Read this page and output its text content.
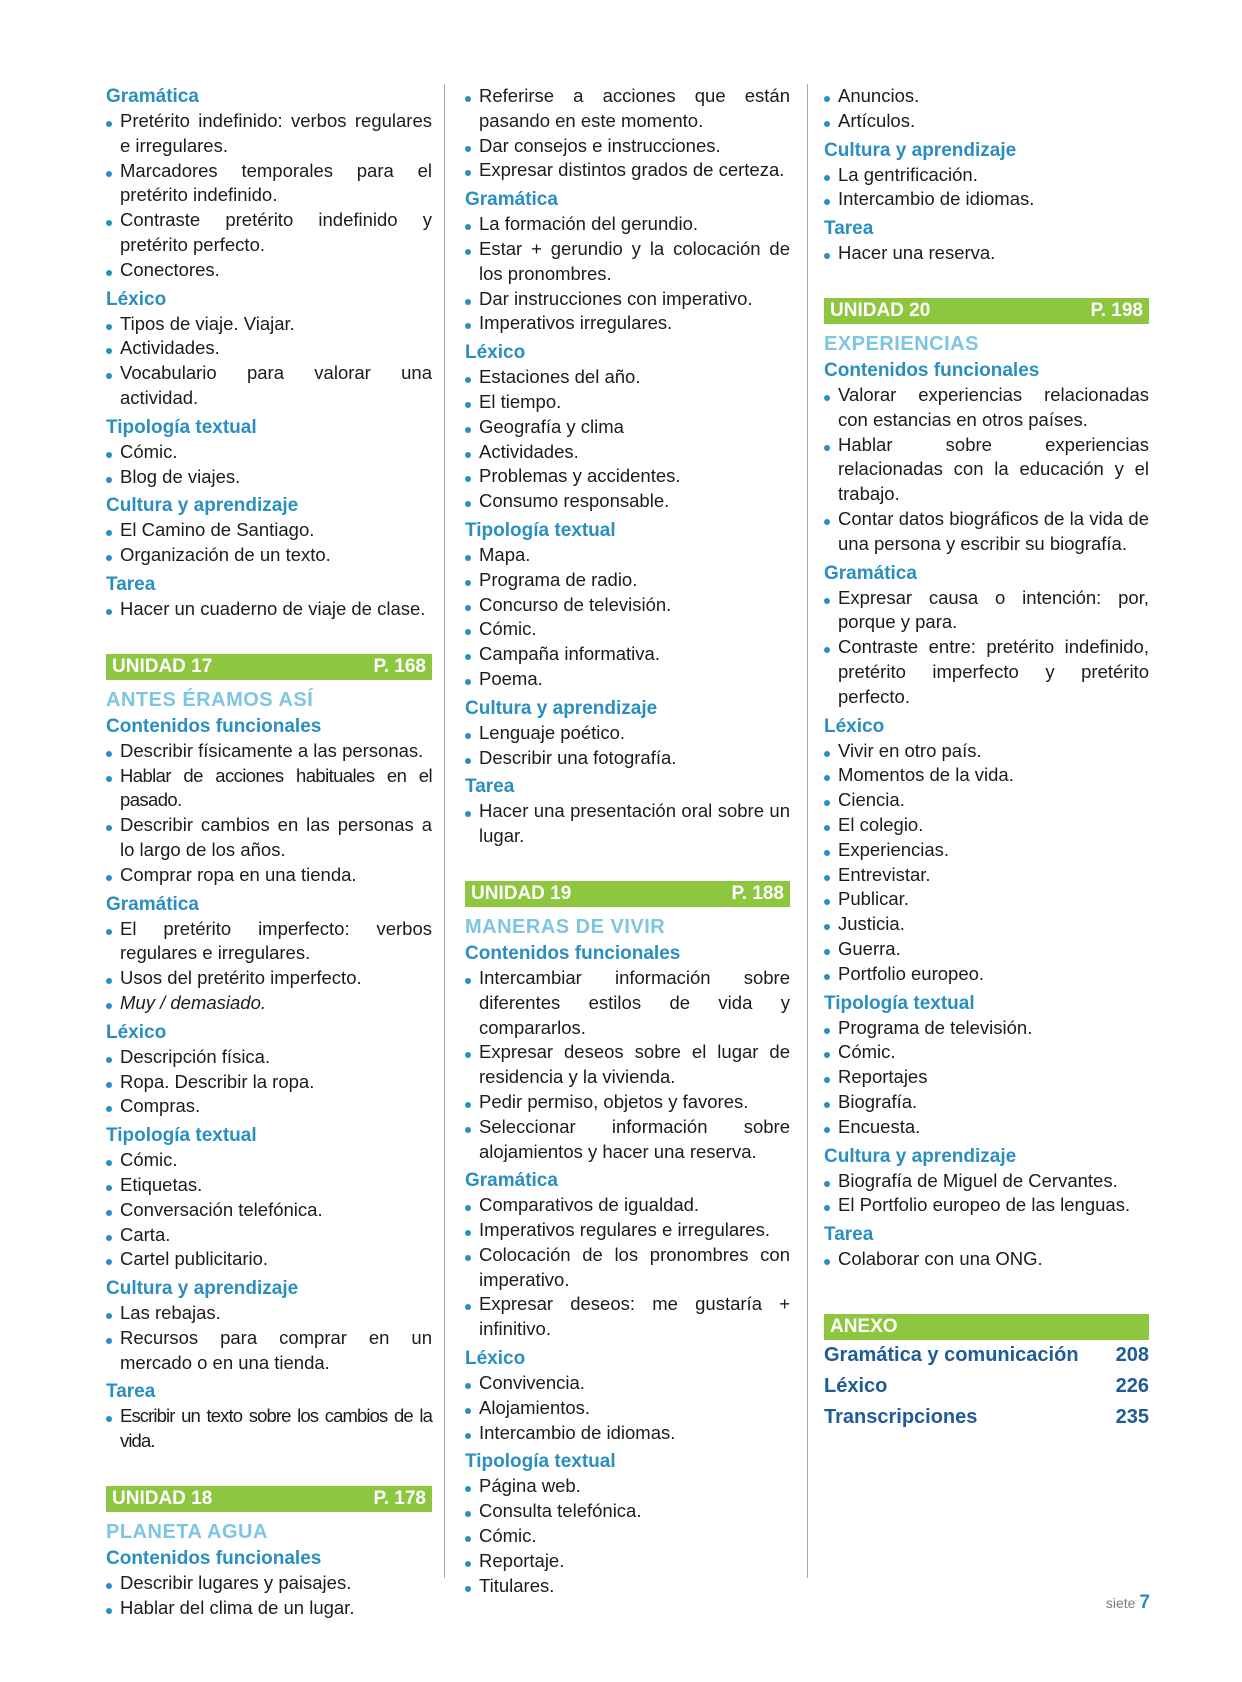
Gramática
Pretérito indefinido: verbos regulares e irregulares.
Marcadores temporales para el pretérito indefinido.
Contraste pretérito indefinido y pretérito perfecto.
Conectores.
Léxico
Tipos de viaje. Viajar.
Actividades.
Vocabulario para valorar una actividad.
Tipología textual
Cómic.
Blog de viajes.
Cultura y aprendizaje
El Camino de Santiago.
Organización de un texto.
Tarea
Hacer un cuaderno de viaje de clase.
UNIDAD 17	P. 168
ANTES ÉRAMOS ASÍ
Contenidos funcionales
Describir físicamente a las personas.
Hablar de acciones habituales en el pasado.
Describir cambios en las personas a lo largo de los años.
Comprar ropa en una tienda.
Gramática
El pretérito imperfecto: verbos regulares e irregulares.
Usos del pretérito imperfecto.
Muy / demasiado.
Léxico
Descripción física.
Ropa. Describir la ropa.
Compras.
Tipología textual
Cómic.
Etiquetas.
Conversación telefónica.
Carta.
Cartel publicitario.
Cultura y aprendizaje
Las rebajas.
Recursos para comprar en un mercado o en una tienda.
Tarea
Escribir un texto sobre los cambios de la vida.
UNIDAD 18	P. 178
PLANETA AGUA
Contenidos funcionales
Describir lugares y paisajes.
Hablar del clima de un lugar.
Referirse a acciones que están pasando en este momento.
Dar consejos e instrucciones.
Expresar distintos grados de certeza.
Gramática
La formación del gerundio.
Estar + gerundio y la colocación de los pronombres.
Dar instrucciones con imperativo.
Imperativos irregulares.
Léxico
Estaciones del año.
El tiempo.
Geografía y clima
Actividades.
Problemas y accidentes.
Consumo responsable.
Tipología textual
Mapa.
Programa de radio.
Concurso de televisión.
Cómic.
Campaña informativa.
Poema.
Cultura y aprendizaje
Lenguaje poético.
Describir una fotografía.
Tarea
Hacer una presentación oral sobre un lugar.
UNIDAD 19	P. 188
MANERAS DE VIVIR
Contenidos funcionales
Intercambiar información sobre diferentes estilos de vida y compararlos.
Expresar deseos sobre el lugar de residencia y la vivienda.
Pedir permiso, objetos y favores.
Seleccionar información sobre alojamientos y hacer una reserva.
Gramática
Comparativos de igualdad.
Imperativos regulares e irregulares.
Colocación de los pronombres con imperativo.
Expresar deseos: me gustaría + infinitivo.
Léxico
Convivencia.
Alojamientos.
Intercambio de idiomas.
Tipología textual
Página web.
Consulta telefónica.
Cómic.
Reportaje.
Titulares.
Anuncios.
Artículos.
Cultura y aprendizaje
La gentrificación.
Intercambio de idiomas.
Tarea
Hacer una reserva.
UNIDAD 20	P. 198
EXPERIENCIAS
Contenidos funcionales
Valorar experiencias relacionadas con estancias en otros países.
Hablar sobre experiencias relacionadas con la educación y el trabajo.
Contar datos biográficos de la vida de una persona y escribir su biografía.
Gramática
Expresar causa o intención: por, porque y para.
Contraste entre: pretérito indefinido, pretérito imperfecto y pretérito perfecto.
Léxico
Vivir en otro país.
Momentos de la vida.
Ciencia.
El colegio.
Experiencias.
Entrevistar.
Publicar.
Justicia.
Guerra.
Portfolio europeo.
Tipología textual
Programa de televisión.
Cómic.
Reportajes
Biografía.
Encuesta.
Cultura y aprendizaje
Biografía de Miguel de Cervantes.
El Portfolio europeo de las lenguas.
Tarea
Colaborar con una ONG.
ANEXO
Gramática y comunicación 208
Léxico	226
Transcripciones	235
siete 7
